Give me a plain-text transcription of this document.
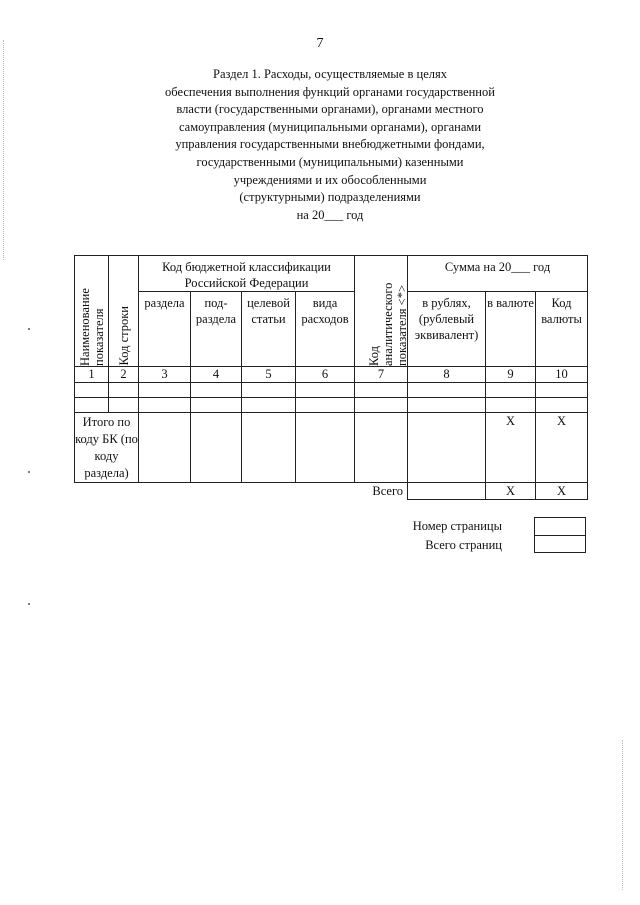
7
Раздел 1. Расходы, осуществляемые в целях
обеспечения выполнения функций органами государственной
власти (государственными органами), органами местного
самоуправления (муниципальными органами), органами
управления государственными внебюджетными фондами,
государственными (муниципальными) казенными
учреждениями и их обособленными
(структурными) подразделениями
на 20___ год
Наименование показателя	Код строки	Код бюджетной классификации Российской Федерации				Код аналитического показателя <*>	Сумма на 20___ год		
		раздела	под-раздела	целевой статьи	вида расходов		в рублях, (рублевый эквивалент)	в валюте	Код валюты
1	2	3	4	5	6	7	8	9	10

Итого по коду БК (по коду раздела)								X	X
						Всего		X	X
Номер страницы
Всего страниц
